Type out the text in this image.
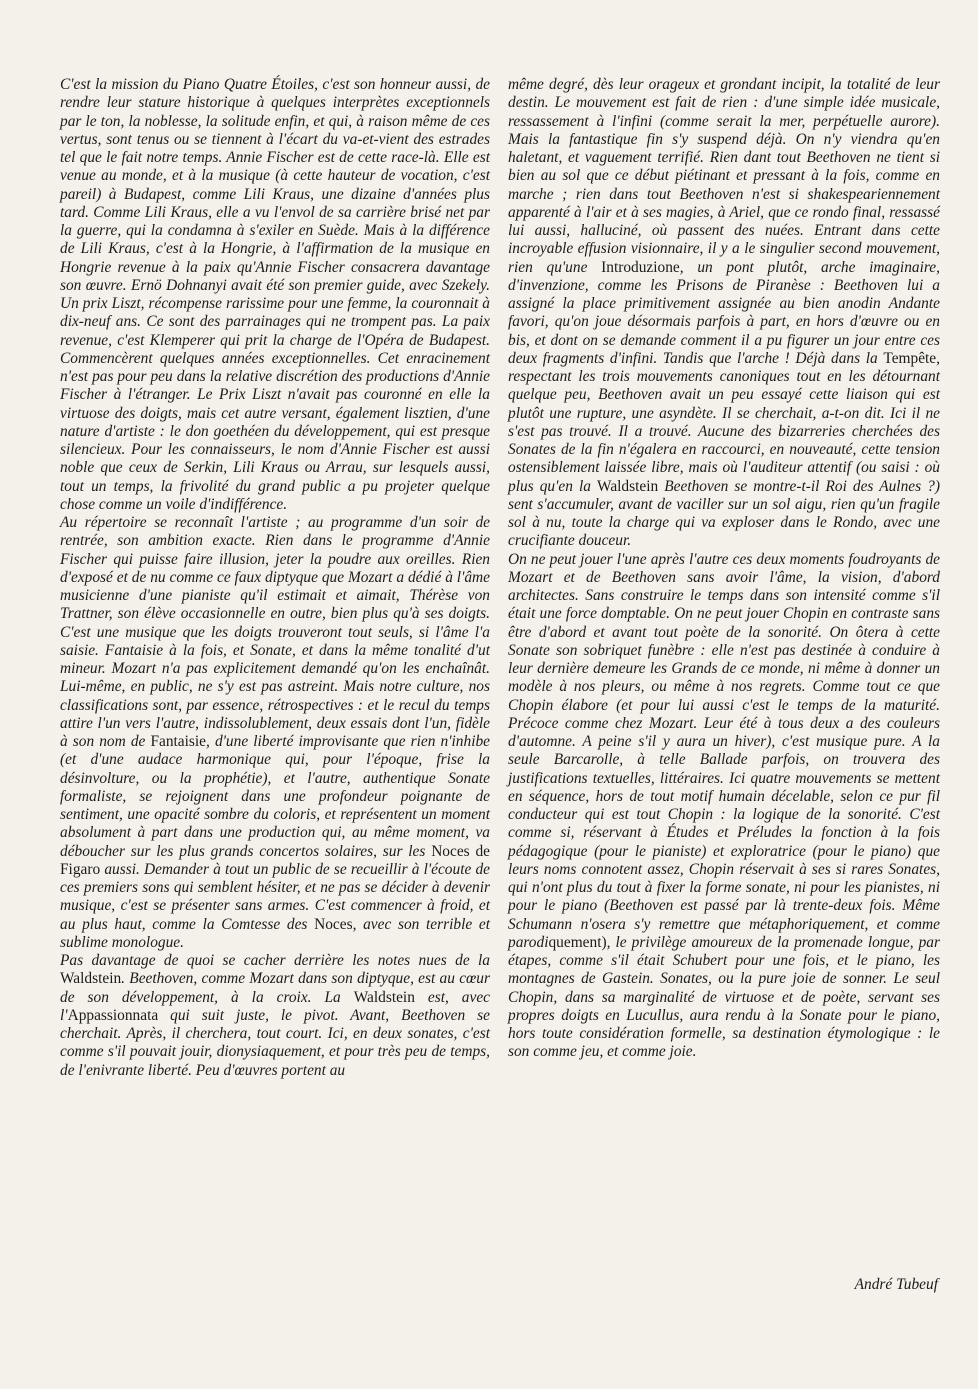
C'est la mission du Piano Quatre Étoiles, c'est son honneur aussi, de rendre leur stature historique à quelques interprètes exceptionnels par le ton, la noblesse, la solitude enfin, et qui, à raison même de ces vertus, sont tenus ou se tiennent à l'écart du va-et-vient des estrades tel que le fait notre temps. Annie Fischer est de cette race-là. Elle est venue au monde, et à la musique (à cette hauteur de vocation, c'est pareil) à Budapest, comme Lili Kraus, une dizaine d'années plus tard. Comme Lili Kraus, elle a vu l'envol de sa carrière brisé net par la guerre, qui la condamna à s'exiler en Suède. Mais à la différence de Lili Kraus, c'est à la Hongrie, à l'affirmation de la musique en Hongrie revenue à la paix qu'Annie Fischer consacrera davantage son œuvre. Ernö Dohnanyi avait été son premier guide, avec Szekely. Un prix Liszt, récompense rarissime pour une femme, la couronnait à dix-neuf ans. Ce sont des parrainages qui ne trompent pas. La paix revenue, c'est Klemperer qui prit la charge de l'Opéra de Budapest. Commencèrent quelques années exceptionnelles. Cet enracinement n'est pas pour peu dans la relative discrétion des productions d'Annie Fischer à l'étranger. Le Prix Liszt n'avait pas couronné en elle la virtuose des doigts, mais cet autre versant, également lisztien, d'une nature d'artiste : le don goethéen du développement, qui est presque silencieux. Pour les connaisseurs, le nom d'Annie Fischer est aussi noble que ceux de Serkin, Lili Kraus ou Arrau, sur lesquels aussi, tout un temps, la frivolité du grand public a pu projeter quelque chose comme un voile d'indifférence.

Au répertoire se reconnaît l'artiste ; au programme d'un soir de rentrée, son ambition exacte. Rien dans le programme d'Annie Fischer qui puisse faire illusion, jeter la poudre aux oreilles. Rien d'exposé et de nu comme ce faux diptyque que Mozart a dédié à l'âme musicienne d'une pianiste qu'il estimait et aimait, Thérèse von Trattner, son élève occasionnelle en outre, bien plus qu'à ses doigts. C'est une musique que les doigts trouveront tout seuls, si l'âme l'a saisie. Fantaisie à la fois, et Sonate, et dans la même tonalité d'ut mineur. Mozart n'a pas explicitement demandé qu'on les enchaînât. Lui-même, en public, ne s'y est pas astreint. Mais notre culture, nos classifications sont, par essence, rétrospectives : et le recul du temps attire l'un vers l'autre, indissolublement, deux essais dont l'un, fidèle à son nom de Fantaisie, d'une liberté improvisante que rien n'inhibe (et d'une audace harmonique qui, pour l'époque, frise la désinvolture, ou la prophétie), et l'autre, authentique Sonate formaliste, se rejoignent dans une profondeur poignante de sentiment, une opacité sombre du coloris, et représentent un moment absolument à part dans une production qui, au même moment, va déboucher sur les plus grands concertos solaires, sur les Noces de Figaro aussi. Demander à tout un public de se recueillir à l'écoute de ces premiers sons qui semblent hésiter, et ne pas se décider à devenir musique, c'est se présenter sans armes. C'est commencer à froid, et au plus haut, comme la Comtesse des Noces, avec son terrible et sublime monologue.

Pas davantage de quoi se cacher derrière les notes nues de la Waldstein. Beethoven, comme Mozart dans son diptyque, est au cœur de son développement, à la croix. La Waldstein est, avec l'Appassionnata qui suit juste, le pivot. Avant, Beethoven se cherchait. Après, il cherchera, tout court. Ici, en deux sonates, c'est comme s'il pouvait jouir, dionysiaquement, et pour très peu de temps, de l'enivrante liberté. Peu d'œuvres portent au

même degré, dès leur orageux et grondant incipit, la totalité de leur destin. Le mouvement est fait de rien : d'une simple idée musicale, ressassement à l'infini (comme serait la mer, perpétuelle aurore). Mais la fantastique fin s'y suspend déjà. On n'y viendra qu'en haletant, et vaguement terrifié. Rien dant tout Beethoven ne tient si bien au sol que ce début piétinant et pressant à la fois, comme en marche ; rien dans tout Beethoven n'est si shakespeariennement apparenté à l'air et à ses magies, à Ariel, que ce rondo final, ressassé lui aussi, halluciné, où passent des nuées. Entrant dans cette incroyable effusion visionnaire, il y a le singulier second mouvement, rien qu'une Introduzione, un pont plutôt, arche imaginaire, d'invenzione, comme les Prisons de Piranèse : Beethoven lui a assigné la place primitivement assignée au bien anodin Andante favori, qu'on joue désormais parfois à part, en hors d'œuvre ou en bis, et dont on se demande comment il a pu figurer un jour entre ces deux fragments d'infini. Tandis que l'arche ! Déjà dans la Tempête, respectant les trois mouvements canoniques tout en les détournant quelque peu, Beethoven avait un peu essayé cette liaison qui est plutôt une rupture, une asyndète. Il se cherchait, a-t-on dit. Ici il ne s'est pas trouvé. Il a trouvé. Aucune des bizarreries cherchées des Sonates de la fin n'égalera en raccourci, en nouveauté, cette tension ostensiblement laissée libre, mais où l'auditeur attentif (ou saisi : où plus qu'en la Waldstein Beethoven se montre-t-il Roi des Aulnes ?) sent s'accumuler, avant de vaciller sur un sol aigu, rien qu'un fragile sol à nu, toute la charge qui va exploser dans le Rondo, avec une crucifiante douceur.

On ne peut jouer l'une après l'autre ces deux moments foudroyants de Mozart et de Beethoven sans avoir l'âme, la vision, d'abord architectes. Sans construire le temps dans son intensité comme s'il était une force domptable. On ne peut jouer Chopin en contraste sans être d'abord et avant tout poète de la sonorité. On ôtera à cette Sonate son sobriquet funèbre : elle n'est pas destinée à conduire à leur dernière demeure les Grands de ce monde, ni même à donner un modèle à nos pleurs, ou même à nos regrets. Comme tout ce que Chopin élabore (et pour lui aussi c'est le temps de la maturité. Précoce comme chez Mozart. Leur été à tous deux a des couleurs d'automne. A peine s'il y aura un hiver), c'est musique pure. A la seule Barcarolle, à telle Ballade parfois, on trouvera des justifications textuelles, littéraires. Ici quatre mouvements se mettent en séquence, hors de tout motif humain décelable, selon ce pur fil conducteur qui est tout Chopin : la logique de la sonorité. C'est comme si, réservant à Études et Préludes la fonction à la fois pédagogique (pour le pianiste) et exploratrice (pour le piano) que leurs noms connotent assez, Chopin réservait à ses si rares Sonates, qui n'ont plus du tout à fixer la forme sonate, ni pour les pianistes, ni pour le piano (Beethoven est passé par là trente-deux fois. Même Schumann n'osera s'y remettre que métaphoriquement, et comme parodiquement), le privilège amoureux de la promenade longue, par étapes, comme s'il était Schubert pour une fois, et le piano, les montagnes de Gastein. Sonates, ou la pure joie de sonner. Le seul Chopin, dans sa marginalité de virtuose et de poète, servant ses propres doigts en Lucullus, aura rendu à la Sonate pour le piano, hors toute considération formelle, sa destination étymologique : le son comme jeu, et comme joie.

André Tubeuf
